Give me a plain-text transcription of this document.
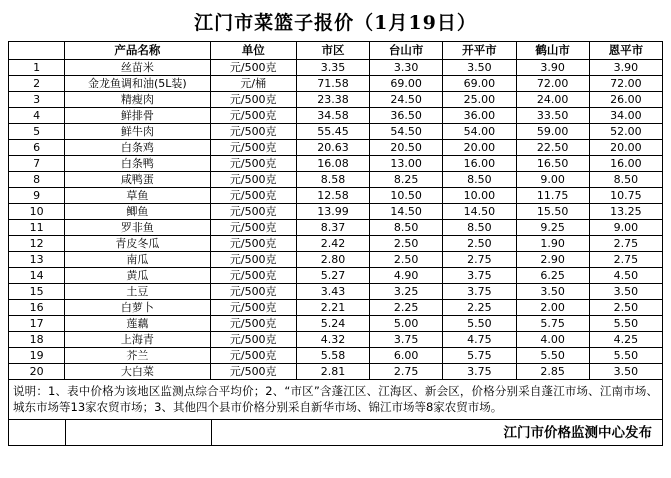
江门市菜篮子报价（1月19日）
	产品名称	单位	市区	台山市	开平市	鹤山市	恩平市
1	丝苗米	元/500克	3.35	3.30	3.50	3.90	3.90
2	金龙鱼调和油(5L装)	元/桶	71.58	69.00	69.00	72.00	72.00
3	精瘦肉	元/500克	23.38	24.50	25.00	24.00	26.00
4	鲜排骨	元/500克	34.58	36.50	36.00	33.50	34.00
5	鲜牛肉	元/500克	55.45	54.50	54.00	59.00	52.00
6	白条鸡	元/500克	20.63	20.50	20.00	22.50	20.00
7	白条鸭	元/500克	16.08	13.00	16.00	16.50	16.00
8	咸鸭蛋	元/500克	8.58	8.25	8.50	9.00	8.50
9	草鱼	元/500克	12.58	10.50	10.00	11.75	10.75
10	鲫鱼	元/500克	13.99	14.50	14.50	15.50	13.25
11	罗非鱼	元/500克	8.37	8.50	8.50	9.25	9.00
12	青皮冬瓜	元/500克	2.42	2.50	2.50	1.90	2.75
13	南瓜	元/500克	2.80	2.50	2.75	2.90	2.75
14	黄瓜	元/500克	5.27	4.90	3.75	6.25	4.50
15	土豆	元/500克	3.43	3.25	3.75	3.50	3.50
16	白萝卜	元/500克	2.21	2.25	2.25	2.00	2.50
17	莲藕	元/500克	5.24	5.00	5.50	5.75	5.50
18	上海青	元/500克	4.32	3.75	4.75	4.00	4.25
19	芥兰	元/500克	5.58	6.00	5.75	5.50	5.50
20	大白菜	元/500克	2.81	2.75	3.75	2.85	3.50
说明：1、表中价格为该地区监测点综合平均价；2、“市区”含蓬江区、江海区、新会区，价格分别采自蓬江市场、江南市场、城东市场等13家农贸市场；3、其他四个县市价格分别采自新华市场、锦江市场等8家农贸市场。
江门市价格监测中心发布
